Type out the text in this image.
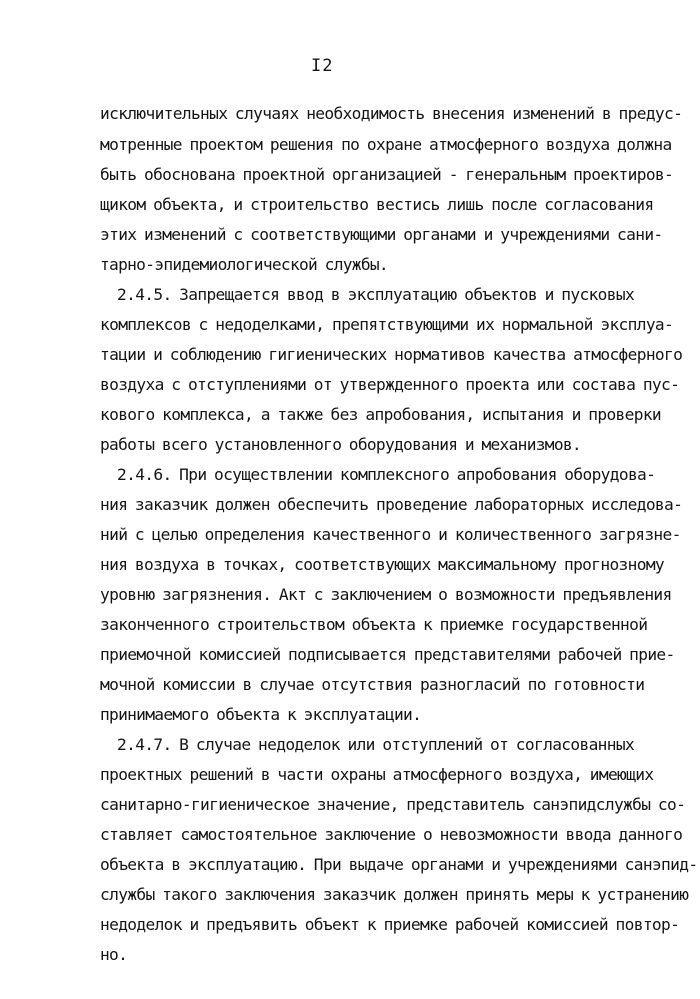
I2
исключительных случаях необходимость внесения изменений в предус-
мотренные проектом решения по охране атмосферного воздуха должна
быть обоснована проектной организацией - генеральным проектиров-
щиком объекта, и строительство вестись лишь после согласования
этих изменений с соответствующими органами и учреждениями сани-
тарно-эпидемиологической службы.
2.4.5. Запрещается ввод в эксплуатацию объектов и пусковых
комплексов с недоделками, препятствующими их нормальной эксплуа-
тации и соблюдению гигиенических нормативов качества атмосферного
воздуха с отступлениями от утвержденного проекта или состава пус-
кового комплекса, а также без апробования, испытания и проверки
работы всего установленного оборудования и механизмов.
2.4.6. При осуществлении комплексного апробования оборудова-
ния заказчик должен обеспечить проведение лабораторных исследова-
ний с целью определения качественного и количественного загрязне-
ния воздуха в точках, соответствующих максимальному прогнозному
уровню загрязнения. Акт с заключением о возможности предъявления
законченного строительством объекта к приемке государственной
приемочной комиссией подписывается представителями рабочей прие-
мочной комиссии в случае отсутствия разногласий по готовности
принимаемого объекта к эксплуатации.
2.4.7. В случае недоделок или отступлений от согласованных
проектных решений в части охраны атмосферного воздуха, имеющих
санитарно-гигиеническое значение, представитель санэпидслужбы со-
ставляет самостоятельное заключение о невозможности ввода данного
объекта в эксплуатацию. При выдаче органами и учреждениями санэпид-
службы такого заключения заказчик должен принять меры к устранению
недоделок и предъявить объект к приемке рабочей комиссией повтор-
но.
